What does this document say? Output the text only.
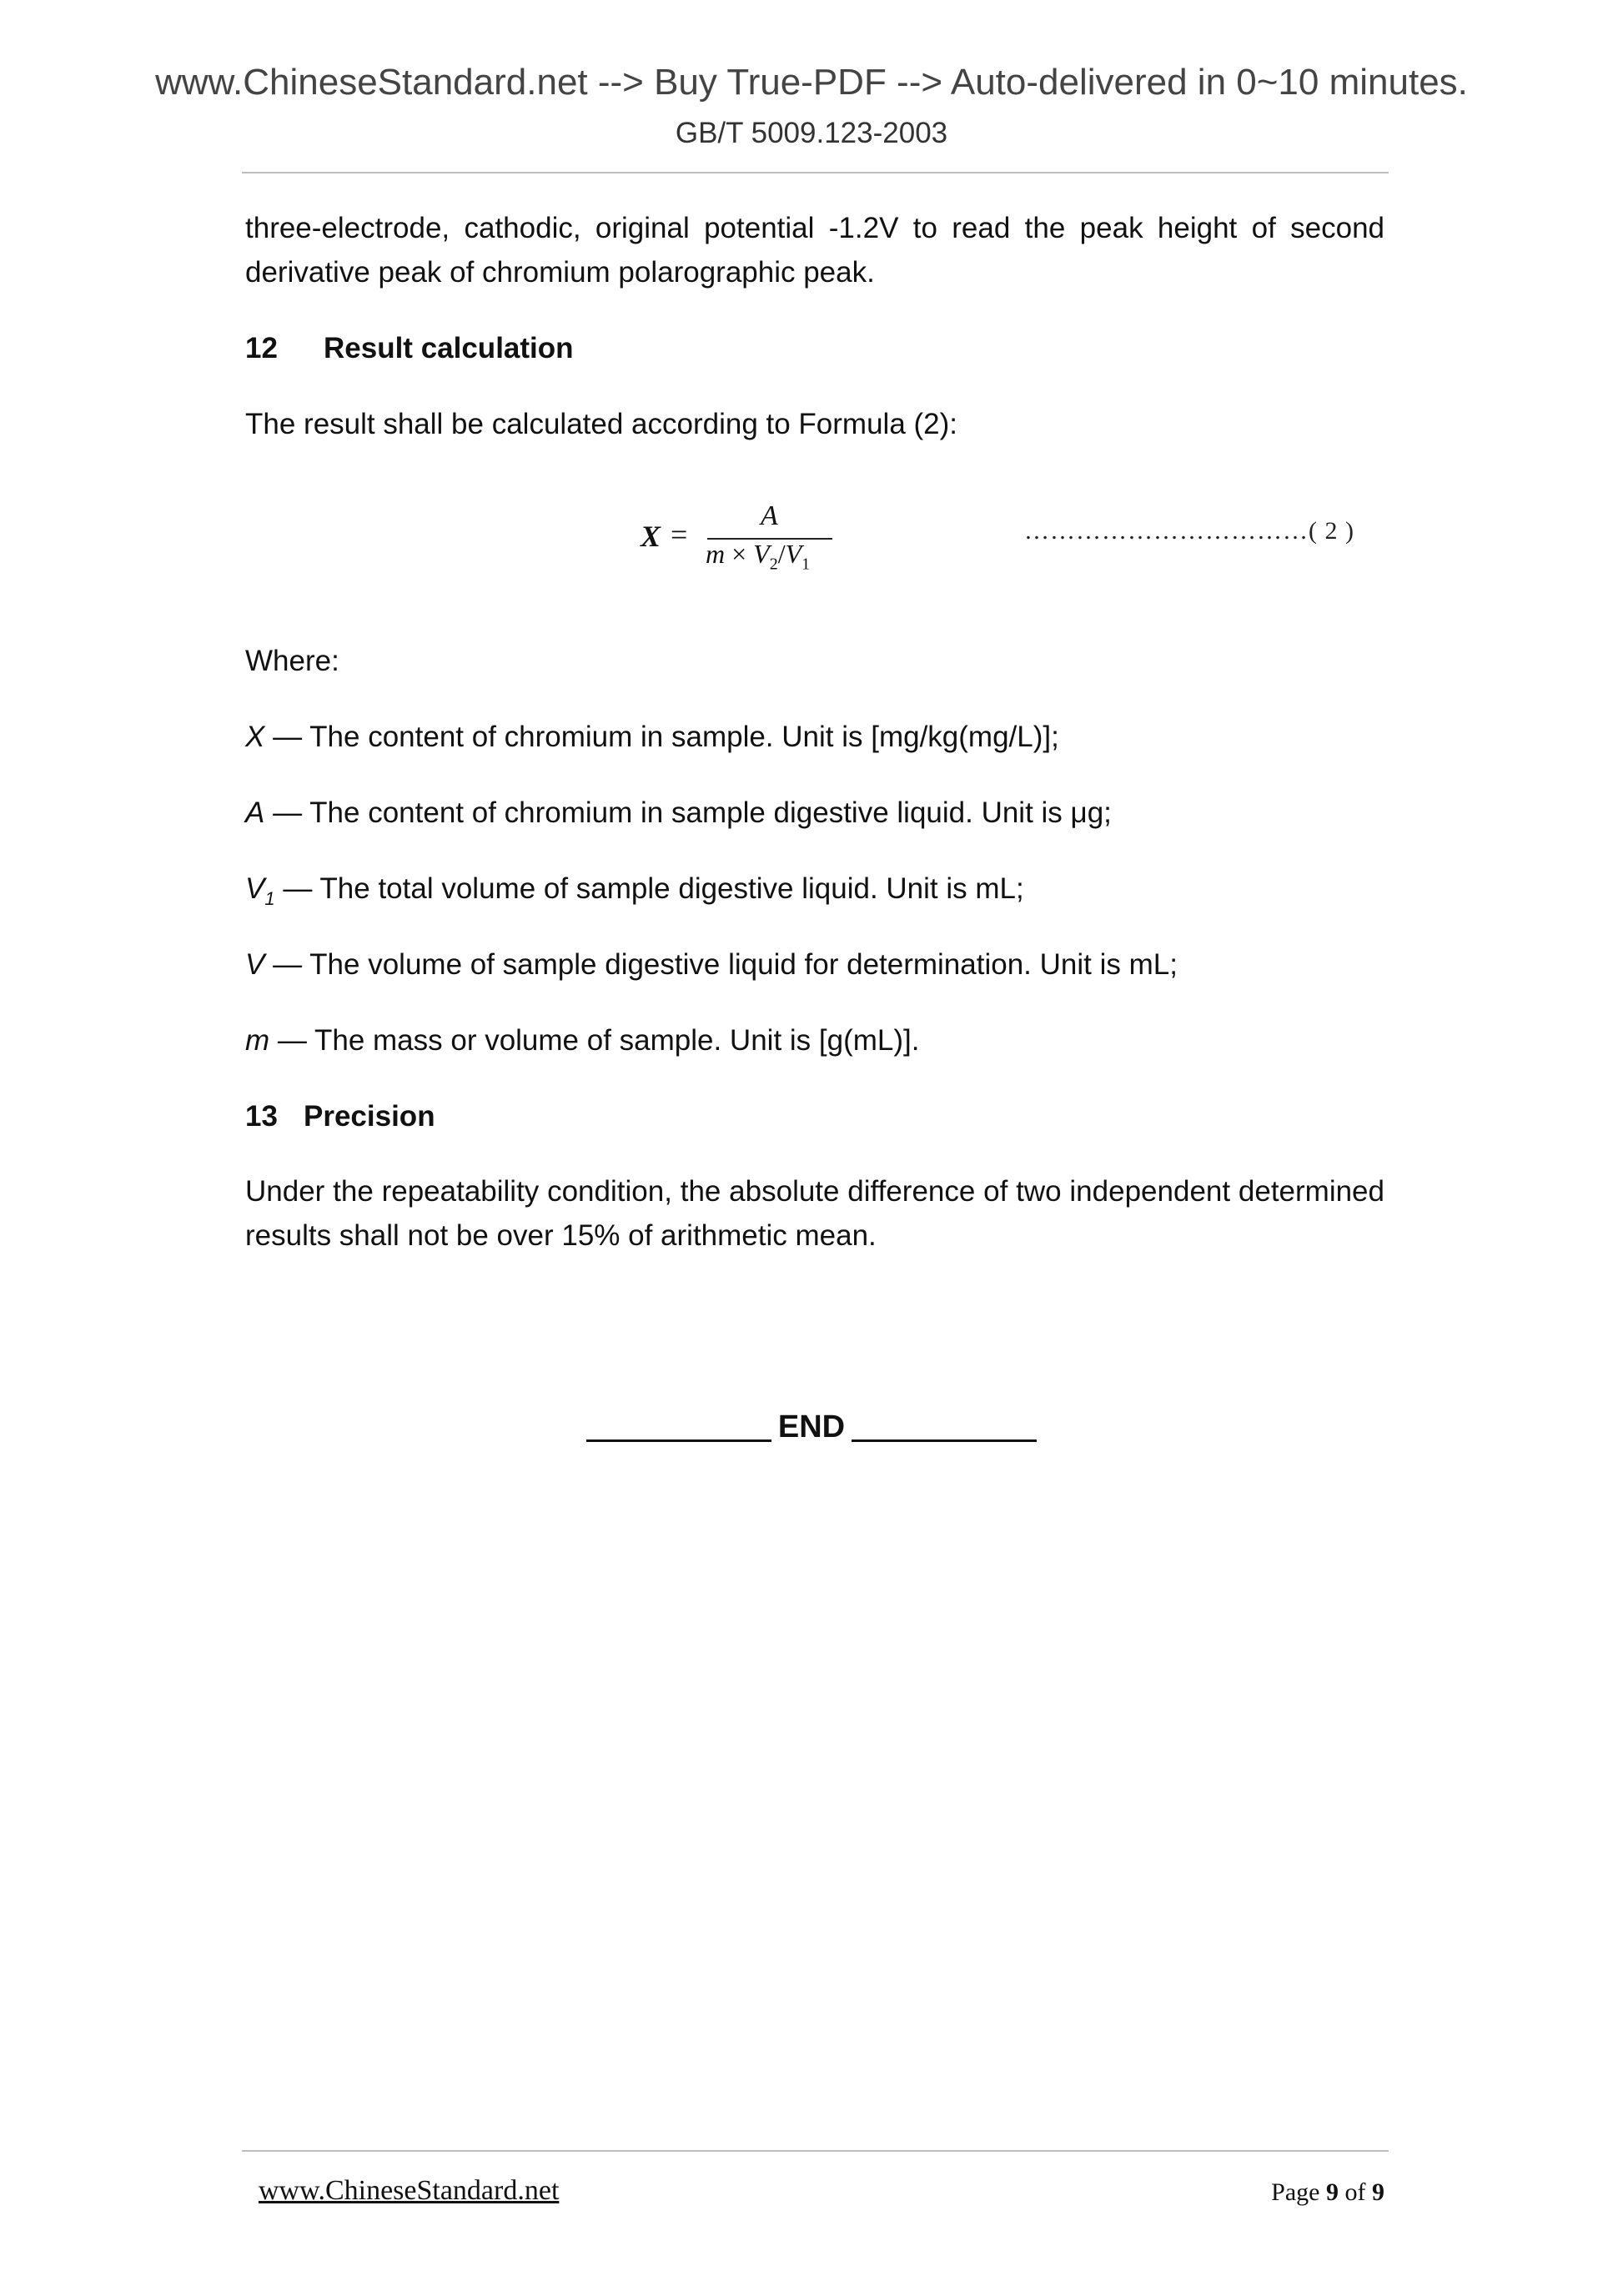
www.ChineseStandard.net --> Buy True-PDF --> Auto-delivered in 0~10 minutes.
GB/T 5009.123-2003
three-electrode, cathodic, original potential -1.2V to read the peak height of second
derivative peak of chromium polarographic peak.
12 Result calculation
The result shall be calculated according to Formula (2):
X =
A
$m \times V_2/V_1$
……………………………( 2 )
Where:
X — The content of chromium in sample. Unit is [mg/kg(mg/L)];
A — The content of chromium in sample digestive liquid. Unit is μg;
$V_1$ — The total volume of sample digestive liquid. Unit is mL;
V — The volume of sample digestive liquid for determination. Unit is mL;
m — The mass or volume of sample. Unit is [g(mL)].
13 Precision
Under the repeatability condition, the absolute difference of two independent determined
results shall not be over 15% of arithmetic mean.
END
www.ChineseStandard.net	Page 9 of 9
